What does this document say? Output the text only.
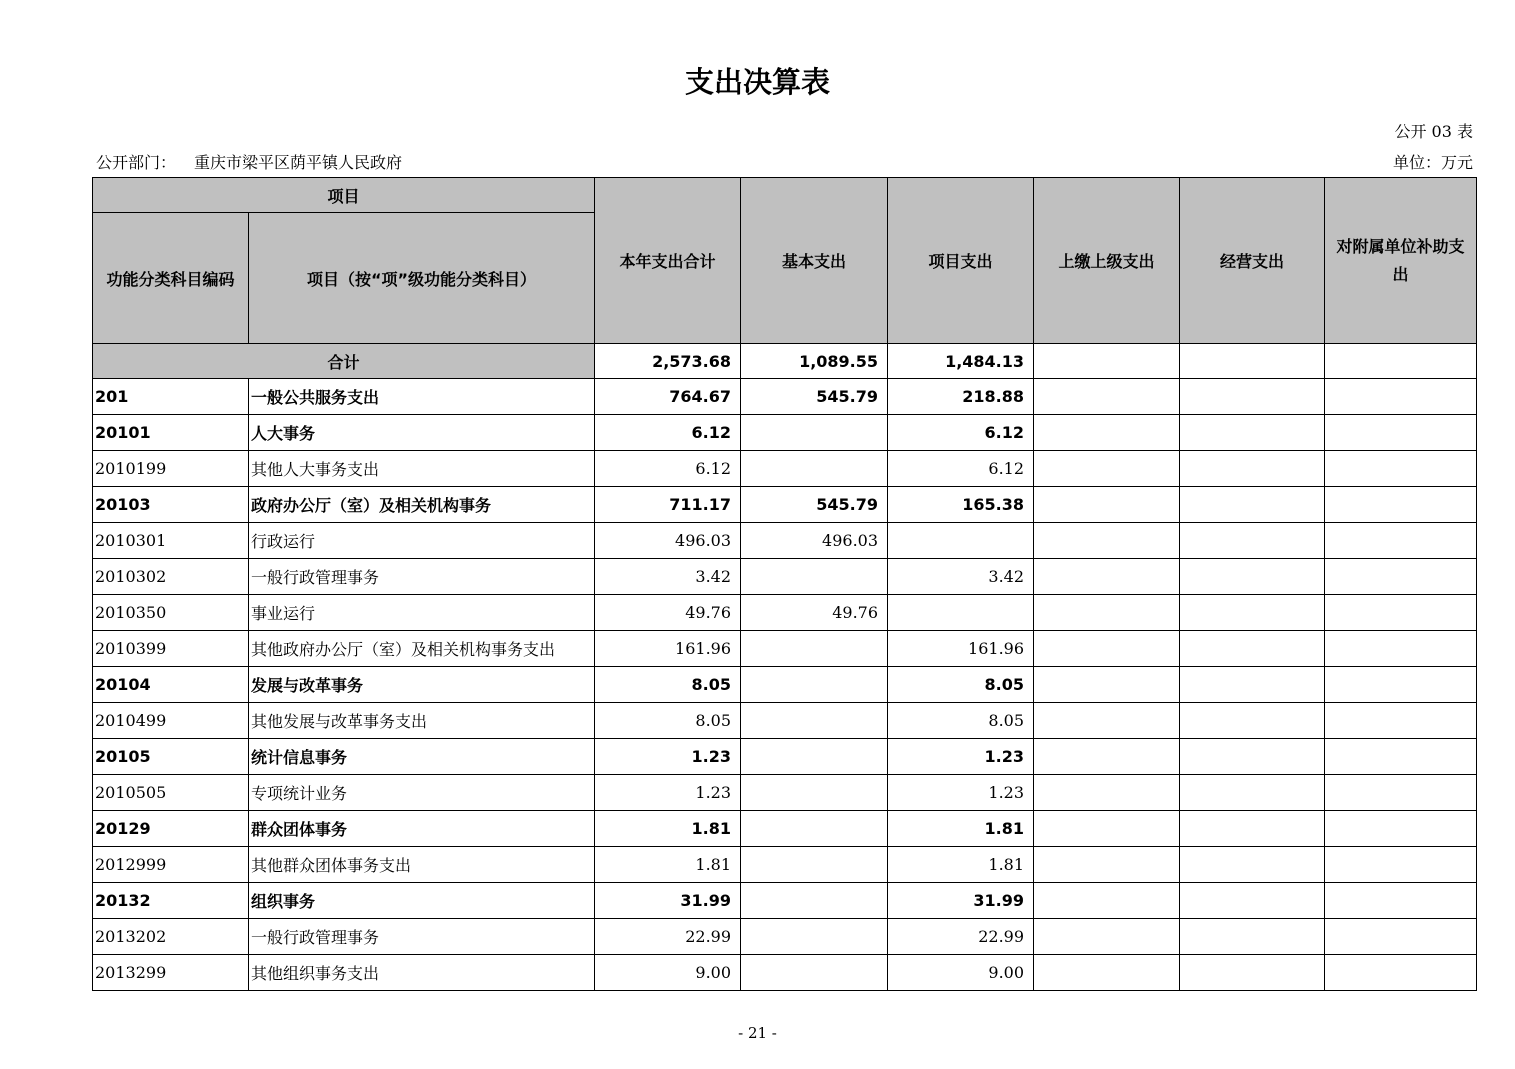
支出决算表
公开 03 表
公开部门： 重庆市梁平区荫平镇人民政府	单位：万元
项目		本年支出合计	基本支出	项目支出	上缴上级支出	经营支出	对附属单位补助支出
功能分类科目编码	项目（按“项”级功能分类科目）						
合计		2,573.68	1,089.55	1,484.13			
201	一般公共服务支出	764.67	545.79	218.88			
20101	人大事务	6.12		6.12			
2010199	其他人大事务支出	6.12		6.12			
20103	政府办公厅（室）及相关机构事务	711.17	545.79	165.38			
2010301	行政运行	496.03	496.03				
2010302	一般行政管理事务	3.42		3.42			
2010350	事业运行	49.76	49.76				
2010399	其他政府办公厅（室）及相关机构事务支出	161.96		161.96			
20104	发展与改革事务	8.05		8.05			
2010499	其他发展与改革事务支出	8.05		8.05			
20105	统计信息事务	1.23		1.23			
2010505	专项统计业务	1.23		1.23			
20129	群众团体事务	1.81		1.81			
2012999	其他群众团体事务支出	1.81		1.81			
20132	组织事务	31.99		31.99			
2013202	一般行政管理事务	22.99		22.99			
2013299	其他组织事务支出	9.00		9.00			
- 21 -
